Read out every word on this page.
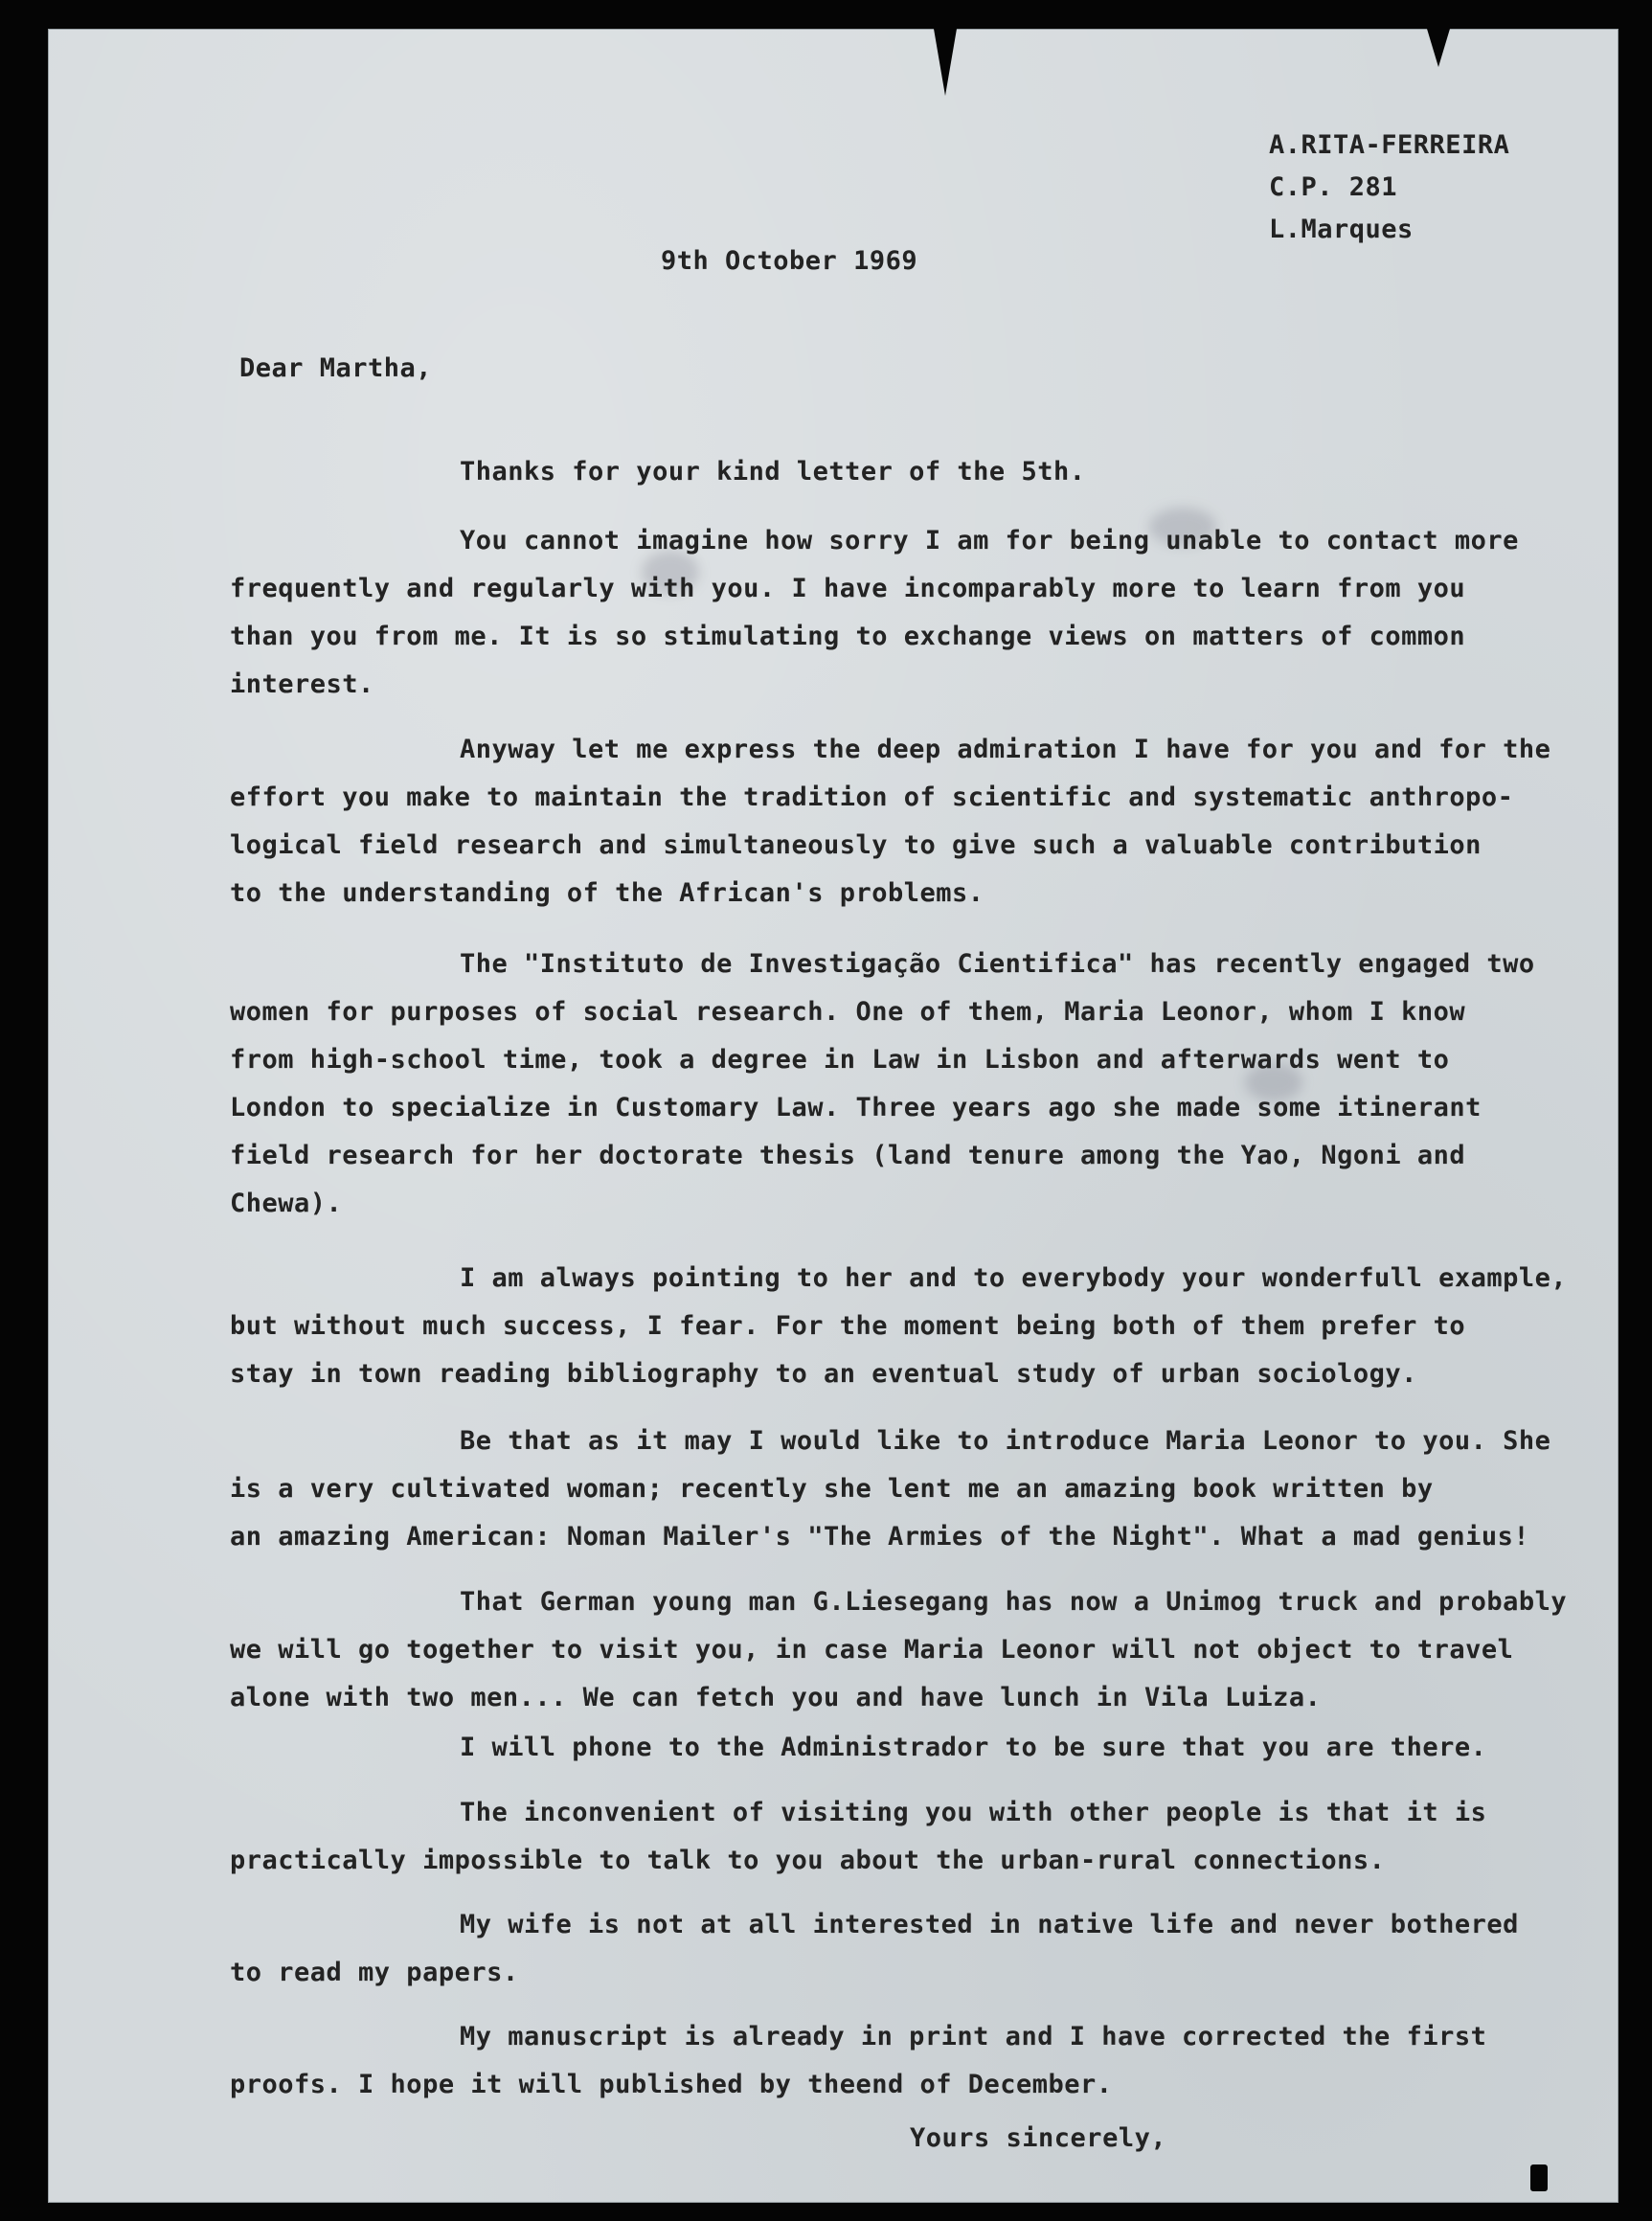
A.RITA-FERREIRA
C.P. 281
L.Marques

9th October 1969

Dear Martha,

Thanks for your kind letter of the 5th.
You cannot imagine how sorry I am for being unable to contact more
frequently and regularly with you. I have incomparably more to learn from you
than you from me. It is so stimulating to exchange views on matters of common
interest.
Anyway let me express the deep admiration I have for you and for the
effort you make to maintain the tradition of scientific and systematic anthropo-
logical field research and simultaneously to give such a valuable contribution
to the understanding of the African's problems.
The "Instituto de Investigação Cientifica" has recently engaged two
women for purposes of social research. One of them, Maria Leonor, whom I know
from high-school time, took a degree in Law in Lisbon and afterwards went to
London to specialize in Customary Law. Three years ago she made some itinerant
field research for her doctorate thesis (land tenure among the Yao, Ngoni and
Chewa).
I am always pointing to her and to everybody your wonderfull example,
but without much success, I fear. For the moment being both of them prefer to
stay in town reading bibliography to an eventual study of urban sociology.
Be that as it may I would like to introduce Maria Leonor to you. She
is a very cultivated woman; recently she lent me an amazing book written by
an amazing American: Noman Mailer's "The Armies of the Night". What a mad genius!
That German young man G.Liesegang has now a Unimog truck and probably
we will go together to visit you, in case Maria Leonor will not object to travel
alone with two men... We can fetch you and have lunch in Vila Luiza.
I will phone to the Administrador to be sure that you are there.
The inconvenient of visiting you with other people is that it is
practically impossible to talk to you about the urban-rural connections.
My wife is not at all interested in native life and never bothered
to read my papers.
My manuscript is already in print and I have corrected the first
proofs. I hope it will published by theend of December.

Yours sincerely,
